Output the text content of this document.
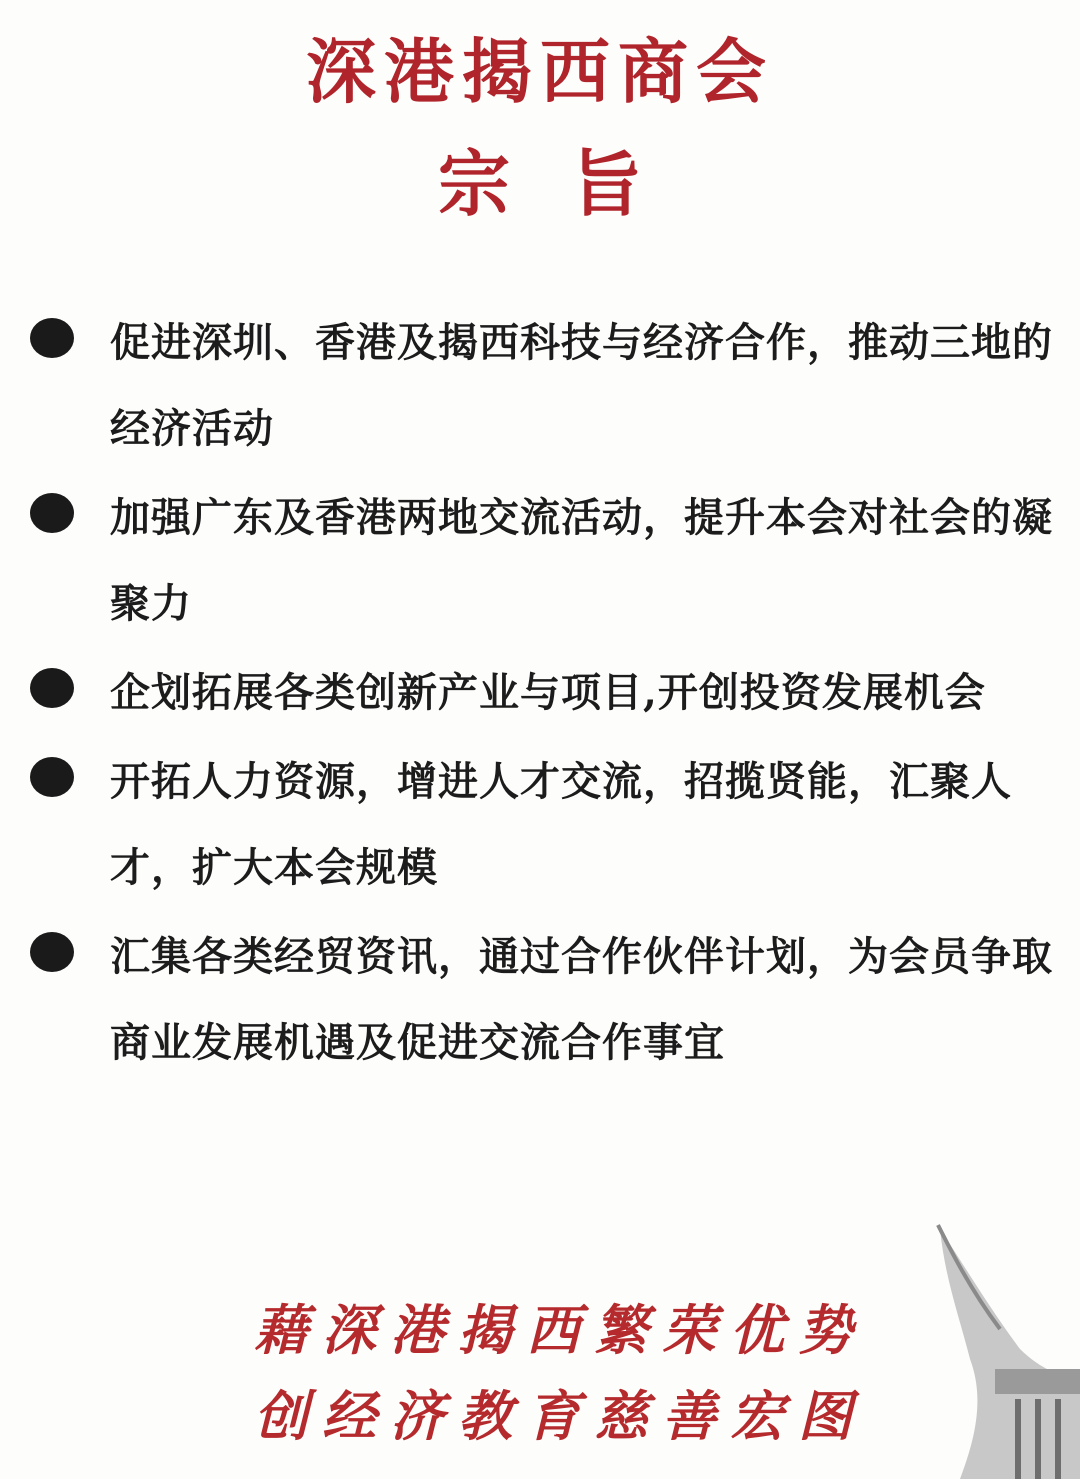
深港揭西商会
宗旨
促进深圳、香港及揭西科技与经济合作，推动三地的经济活动
加强广东及香港两地交流活动，提升本会对社会的凝聚力
企划拓展各类创新产业与项目,开创投资发展机会
开拓人力资源，增进人才交流，招揽贤能，汇聚人才，扩大本会规模
汇集各类经贸资讯，通过合作伙伴计划，为会员争取商业发展机遇及促进交流合作事宜

藉深港揭西繁荣优势

创经济教育慈善宏图
